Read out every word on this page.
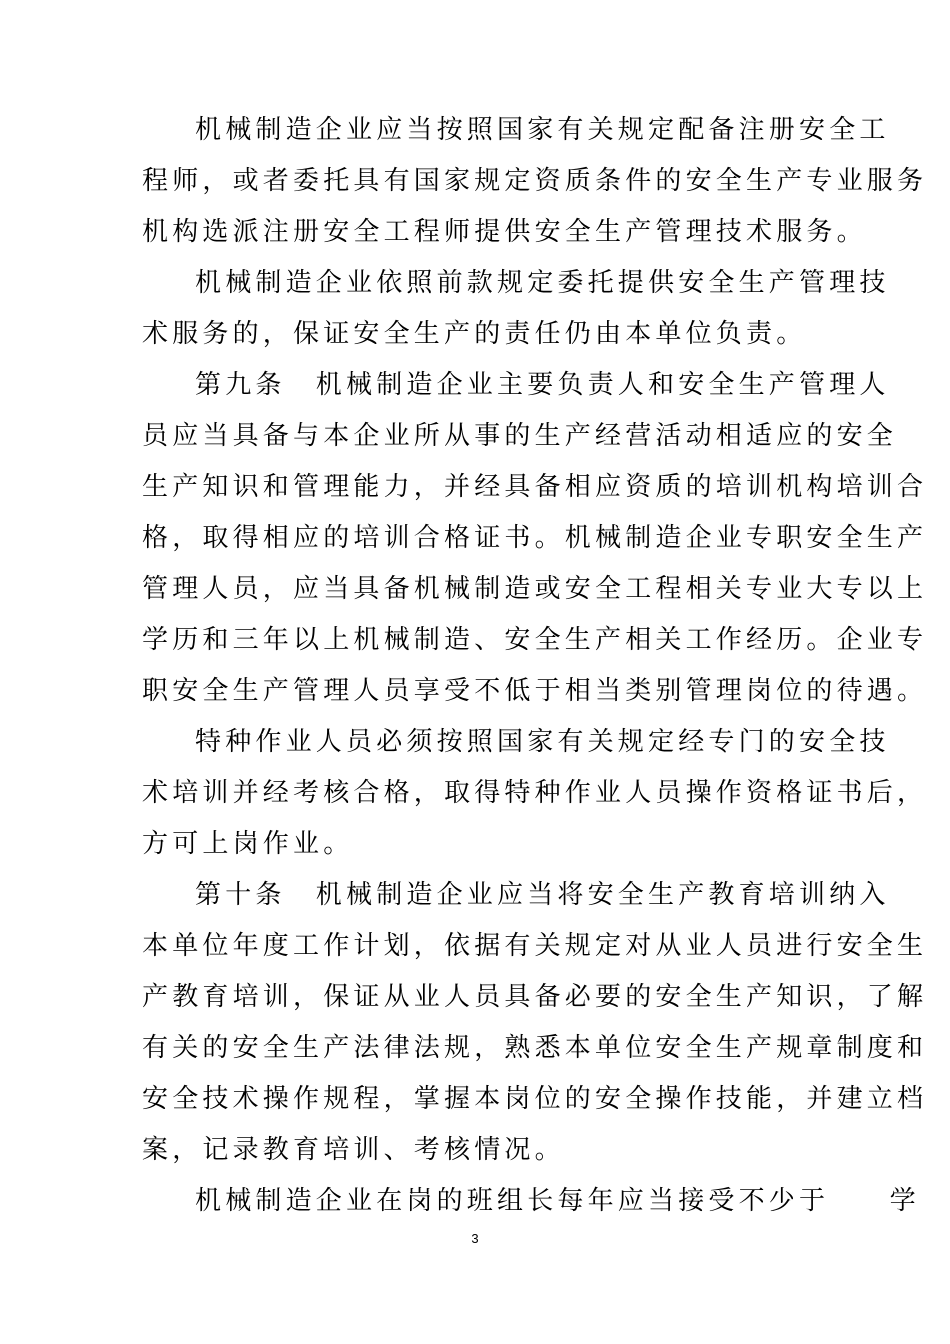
机械制造企业应当按照国家有关规定配备注册安全工
程师，或者委托具有国家规定资质条件的安全生产专业服务
机构选派注册安全工程师提供安全生产管理技术服务。
机械制造企业依照前款规定委托提供安全生产管理技
术服务的，保证安全生产的责任仍由本单位负责。
第九条　机械制造企业主要负责人和安全生产管理人
员应当具备与本企业所从事的生产经营活动相适应的安全
生产知识和管理能力，并经具备相应资质的培训机构培训合
格，取得相应的培训合格证书。机械制造企业专职安全生产
管理人员，应当具备机械制造或安全工程相关专业大专以上
学历和三年以上机械制造、安全生产相关工作经历。企业专
职安全生产管理人员享受不低于相当类别管理岗位的待遇。
特种作业人员必须按照国家有关规定经专门的安全技
术培训并经考核合格，取得特种作业人员操作资格证书后，
方可上岗作业。
第十条　机械制造企业应当将安全生产教育培训纳入
本单位年度工作计划，依据有关规定对从业人员进行安全生
产教育培训，保证从业人员具备必要的安全生产知识，了解
有关的安全生产法律法规，熟悉本单位安全生产规章制度和
安全技术操作规程，掌握本岗位的安全操作技能，并建立档
案，记录教育培训、考核情况。
机械制造企业在岗的班组长每年应当接受不少于　　学
3
